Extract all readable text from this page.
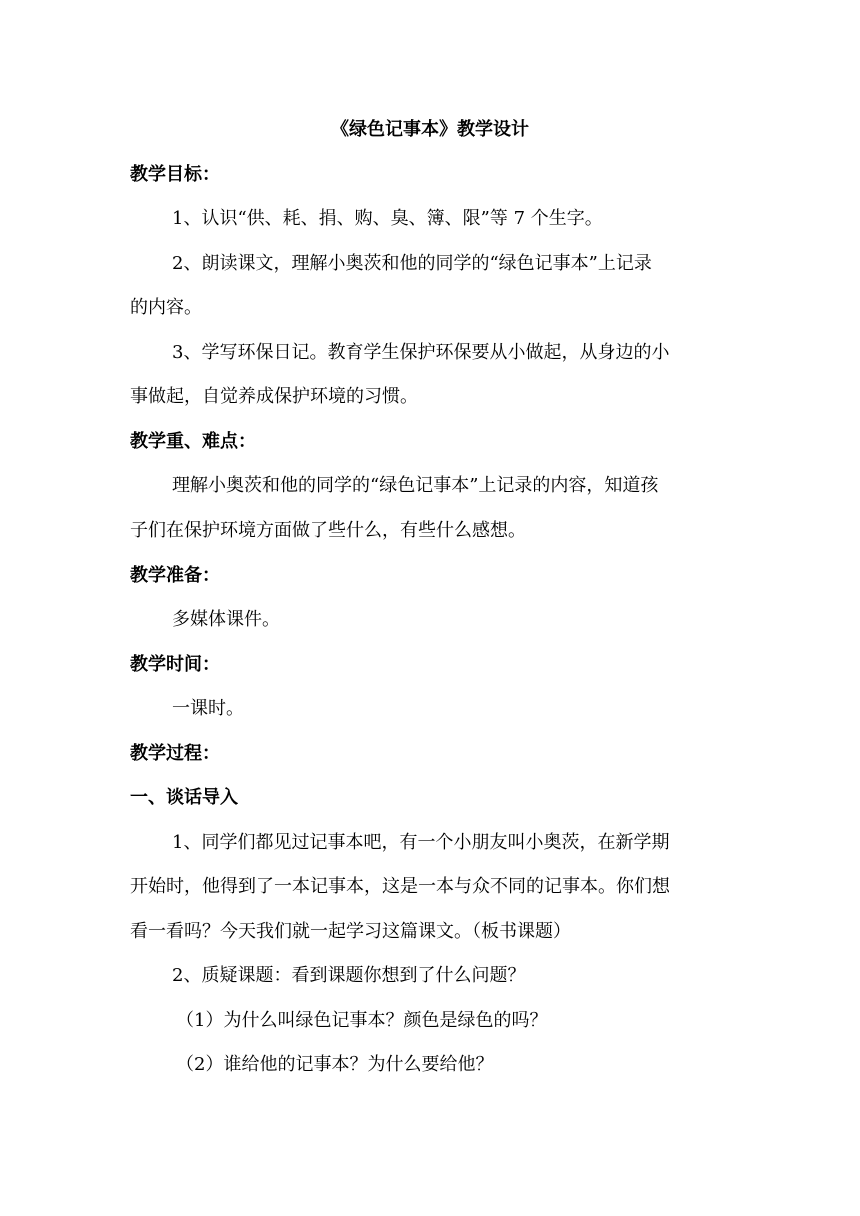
《绿色记事本》教学设计
教学目标：
1、认识“供、耗、捐、购、臭、簿、限”等 7 个生字。
2、朗读课文，理解小奥茨和他的同学的“绿色记事本”上记录
的内容。
3、学写环保日记。教育学生保护环保要从小做起，从身边的小
事做起，自觉养成保护环境的习惯。
教学重、难点：
理解小奥茨和他的同学的“绿色记事本”上记录的内容，知道孩
子们在保护环境方面做了些什么，有些什么感想。
教学准备：
多媒体课件。
教学时间：
一课时。
教学过程：
一、谈话导入
1、同学们都见过记事本吧，有一个小朋友叫小奥茨，在新学期
开始时，他得到了一本记事本，这是一本与众不同的记事本。你们想
看一看吗？今天我们就一起学习这篇课文。（板书课题）
2、质疑课题：看到课题你想到了什么问题？
（1）为什么叫绿色记事本？颜色是绿色的吗？
（2）谁给他的记事本？为什么要给他？
